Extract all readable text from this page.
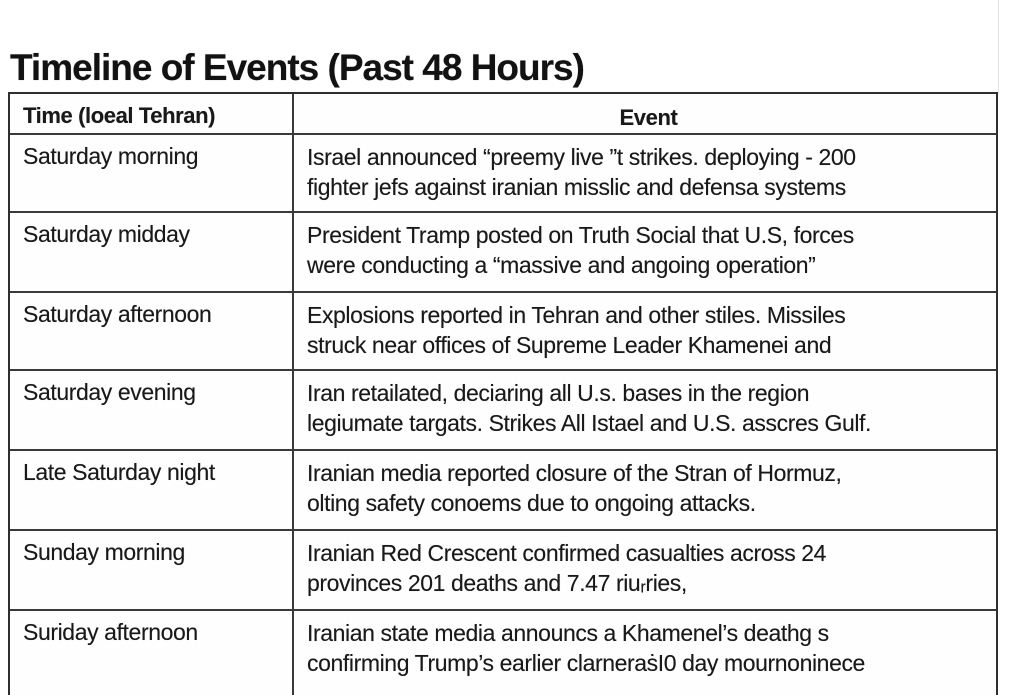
Timeline of Events (Past 48 Hours)
Time (loeal Tehran)	Event
Saturday morning	Israel announced “preemy live ”t strikes. deploying - 200
fighter jefs against iranian misslic and defensa systems
Saturday midday	President Tramp posted on Truth Social that U.S, forces
were conducting a “massive and angoing operation”
Saturday afternoon	Explosions reported in Tehran and other stiles. Missiles
struck near offices of Supreme Leader Khamenei and
Saturday evening	Iran retailated, deciaring all U.s. bases in the region
legiumate targats. Strikes All Istael and U.S. asscres Gulf.
Late Saturday night	Iranian media reported closure of the Stran of Hormuz,
olting safety conoems due to ongoing attacks.
Sunday morning	Iranian Red Crescent confirmed casualties across 24
provinces 201 deaths and 7.47 riuᵣries,
Suriday afternoon	Iranian state media announcs a Khamenel’s deathg s
confirming Trump’s earlier clarneraṡI0 day mournoninece
